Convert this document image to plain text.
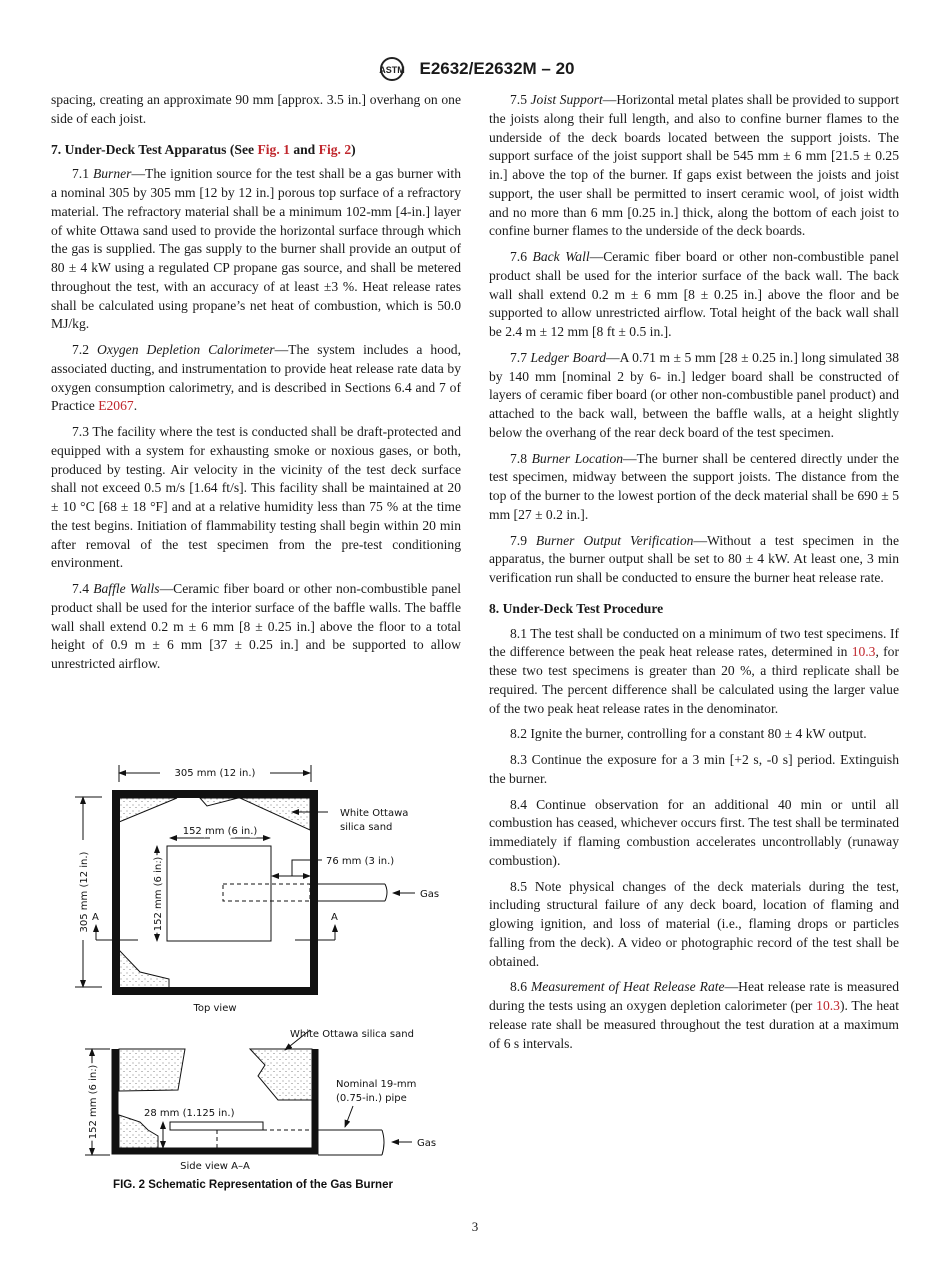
ASTM E2632/E2632M – 20

spacing, creating an approximate 90 mm [approx. 3.5 in.] overhang on one side of each joist.

7. Under-Deck Test Apparatus (See Fig. 1 and Fig. 2)

7.1 Burner—The ignition source for the test shall be a gas burner with a nominal 305 by 305 mm [12 by 12 in.] porous top surface of a refractory material. The refractory material shall be a minimum 102-mm [4-in.] layer of white Ottawa sand used to provide the horizontal surface through which the gas is supplied. The gas supply to the burner shall provide an output of 80 ± 4 kW using a regulated CP propane gas source, and shall be metered throughout the test, with an accuracy of at least ±3 %. Heat release rates shall be calculated using propane’s net heat of combustion, which is 50.0 MJ/kg.

7.2 Oxygen Depletion Calorimeter—The system includes a hood, associated ducting, and instrumentation to provide heat release rate data by oxygen consumption calorimetry, and is described in Sections 6.4 and 7 of Practice E2067.

7.3 The facility where the test is conducted shall be draft-protected and equipped with a system for exhausting smoke or noxious gases, or both, produced by testing. Air velocity in the vicinity of the test deck surface shall not exceed 0.5 m/s [1.64 ft/s]. This facility shall be maintained at 20 ± 10 °C [68 ± 18 °F] and at a relative humidity less than 75 % at the time the test begins. Initiation of flammability testing shall begin within 20 min after removal of the test specimen from the pre-test conditioning environment.

7.4 Baffle Walls—Ceramic fiber board or other non-combustible panel product shall be used for the interior surface of the baffle walls. The baffle wall shall extend 0.2 m ± 6 mm [8 ± 0.25 in.] above the floor to a total height of 0.9 m ± 6 mm [37 ± 0.25 in.] and be supported to allow unrestricted airflow.

305 mm (12 in.)
305 mm (12 in.)
152 mm (6 in.)
152 mm (6 in.)
White Ottawa
silica sand
76 mm (3 in.)
Gas
A	A
Top view
White Ottawa silica sand
Nominal 19-mm
(0.75-in.) pipe
Gas
152 mm (6 in.)	28 mm (1.125 in.)
Side view A–A
FIG. 2 Schematic Representation of the Gas Burner

7.5 Joist Support—Horizontal metal plates shall be provided to support the joists along their full length, and also to confine burner flames to the underside of the deck boards located between the support joists. The support surface of the joist support shall be 545 mm ± 6 mm [21.5 ± 0.25 in.] above the top of the burner. If gaps exist between the joists and joist support, the user shall be permitted to insert ceramic wool, of joist width and no more than 6 mm [0.25 in.] thick, along the bottom of each joist to confine burner flames to the underside of the deck boards.

7.6 Back Wall—Ceramic fiber board or other non-combustible panel product shall be used for the interior surface of the back wall. The back wall shall extend 0.2 m ± 6 mm [8 ± 0.25 in.] above the floor and be supported to allow unrestricted airflow. Total height of the back wall shall be 2.4 m ± 12 mm [8 ft ± 0.5 in.].

7.7 Ledger Board—A 0.71 m ± 5 mm [28 ± 0.25 in.] long simulated 38 by 140 mm [nominal 2 by 6- in.] ledger board shall be constructed of layers of ceramic fiber board (or other non-combustible panel product) and attached to the back wall, between the baffle walls, at a height slightly below the overhang of the rear deck board of the test specimen.

7.8 Burner Location—The burner shall be centered directly under the test specimen, midway between the support joists. The distance from the top of the burner to the lowest portion of the deck material shall be 690 ± 5 mm [27 ± 0.2 in.].

7.9 Burner Output Verification—Without a test specimen in the apparatus, the burner output shall be set to 80 ± 4 kW. At least one, 3 min verification run shall be conducted to ensure the burner heat release rate.

8. Under-Deck Test Procedure

8.1 The test shall be conducted on a minimum of two test specimens. If the difference between the peak heat release rates, determined in 10.3, for these two test specimens is greater than 20 %, a third replicate shall be required. The percent difference shall be calculated using the larger value of the two peak heat release rates in the denominator.

8.2 Ignite the burner, controlling for a constant 80 ± 4 kW output.

8.3 Continue the exposure for a 3 min [+2 s, -0 s] period. Extinguish the burner.

8.4 Continue observation for an additional 40 min or until all combustion has ceased, whichever occurs first. The test shall be terminated immediately if flaming combustion accelerates uncontrollably (runaway combustion).

8.5 Note physical changes of the deck materials during the test, including structural failure of any deck board, location of flaming and glowing ignition, and loss of material (i.e., flaming drops or particles falling from the deck). A video or photographic record of the test shall be obtained.

8.6 Measurement of Heat Release Rate—Heat release rate is measured during the tests using an oxygen depletion calorimeter (per 10.3). The heat release rate shall be measured throughout the test duration at a maximum of 6 s intervals.

3
